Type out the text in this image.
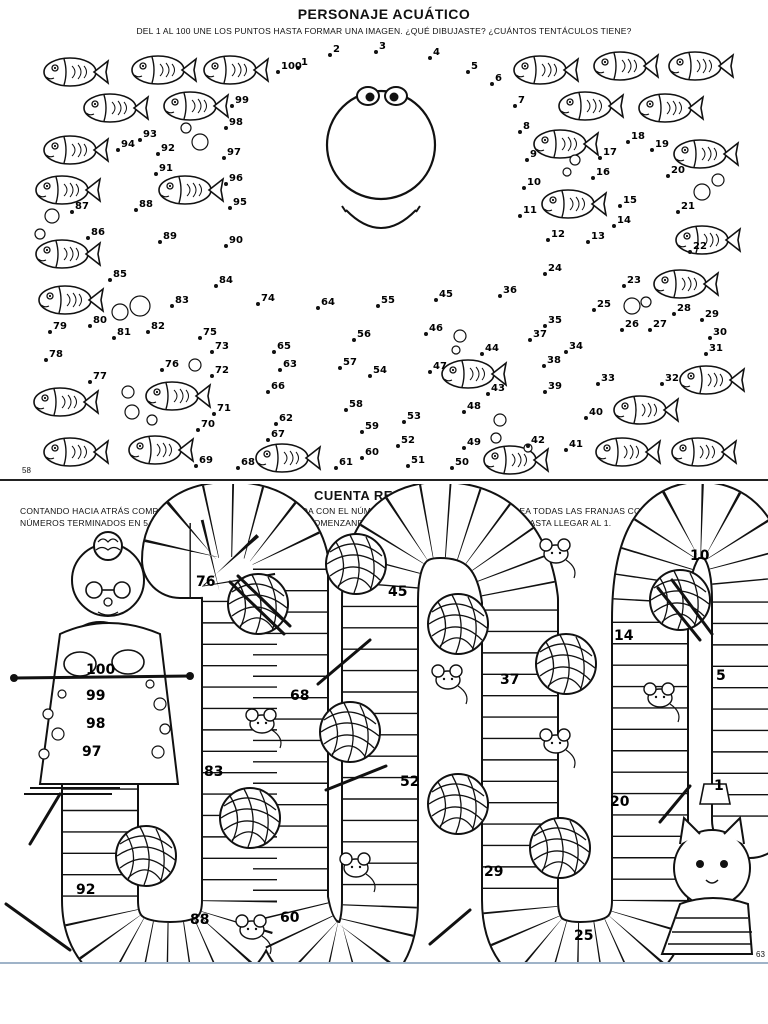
PERSONAJE ACUÁTICO
DEL 1 AL 100 UNE LOS PUNTOS HASTA FORMAR UNA IMAGEN. ¿QUÉ DIBUJASTE? ¿CUÁNTOS TENTÁCULOS TIENE?
1
2	3
4
5
6
7
8
9
10
11
12	13
14
15
16
17
18
19
20
21
22
23
24
25
26 27
28
29
30
31
32
33
34
35
36
37
38
39
40
41
42
43
44
45
46
47
48
49
50
51
52
53
54
55
56
57
58
59
60
61
62
63
64
65
66
67
68
69
70
71
72
73
74
75
76
77
78
79
80
81
82
83
84
85
86
87	88
89	90
91
92
93
94
95
96
97
98
99
100
58
CUENTA REGRESIVA
CONTANDO HACIA ATRÁS COMPLETA CADA FRANJA DE LA BUFANDA CON EL NÚMERO QUE CORRESPONDE. COLOREA TODAS LAS FRANJAS CON
NÚMEROS TERMINADOS EN 5. ¿DE CUÁNTO EN CUÁNTO SALTAS? COMENZANDO CON EL 100 CUENTA HACIA ATRÁS HASTA LLEGAR AL 1.
100
99
98
97
92
88
83
76
68
60
52
45
37
29
25
20
14
10
5
1
63
